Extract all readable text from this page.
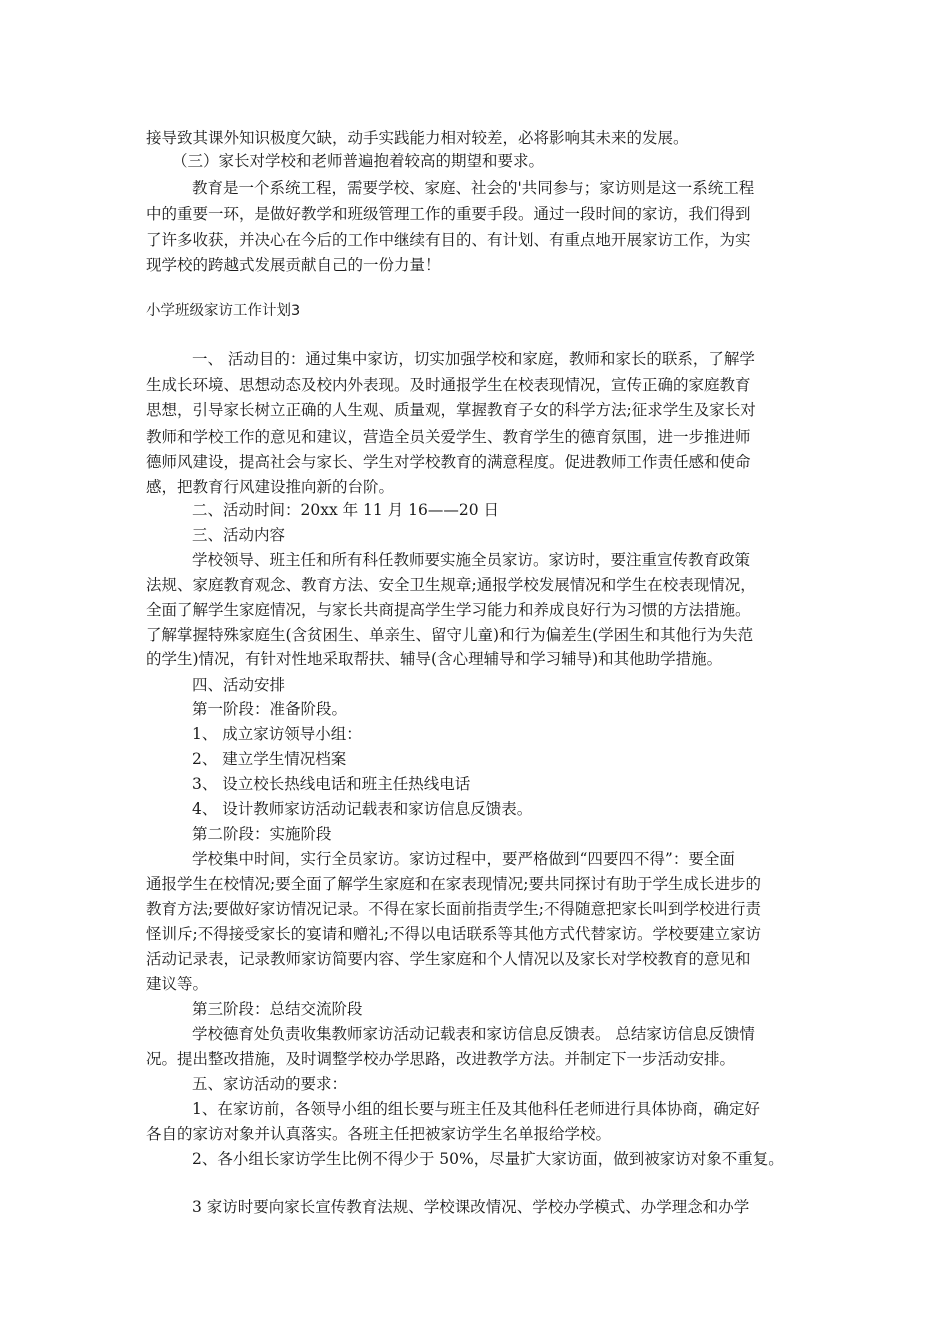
接导致其课外知识极度欠缺，动手实践能力相对较差，必将影响其未来的发展。
（三）家长对学校和老师普遍抱着较高的期望和要求。
教育是一个系统工程，需要学校、家庭、社会的'共同参与；家访则是这一系统工程
中的重要一环，是做好教学和班级管理工作的重要手段。通过一段时间的家访，我们得到
了许多收获，并决心在今后的工作中继续有目的、有计划、有重点地开展家访工作，为实
现学校的跨越式发展贡献自己的一份力量！
小学班级家访工作计划3
一、 活动目的：通过集中家访，切实加强学校和家庭，教师和家长的联系，了解学
生成长环境、思想动态及校内外表现。及时通报学生在校表现情况，宣传正确的家庭教育
思想，引导家长树立正确的人生观、质量观，掌握教育子女的科学方法;征求学生及家长对
教师和学校工作的意见和建议，营造全员关爱学生、教育学生的德育氛围，进一步推进师
德师风建设，提高社会与家长、学生对学校教育的满意程度。促进教师工作责任感和使命
感，把教育行风建设推向新的台阶。
二、活动时间：20xx 年 11 月 16——20 日
三、活动内容
学校领导、班主任和所有科任教师要实施全员家访。家访时，要注重宣传教育政策
法规、家庭教育观念、教育方法、安全卫生规章;通报学校发展情况和学生在校表现情况，
全面了解学生家庭情况，与家长共商提高学生学习能力和养成良好行为习惯的方法措施。
了解掌握特殊家庭生(含贫困生、单亲生、留守儿童)和行为偏差生(学困生和其他行为失范
的学生)情况，有针对性地采取帮扶、辅导(含心理辅导和学习辅导)和其他助学措施。
四、活动安排
第一阶段：准备阶段。
1、 成立家访领导小组：
2、 建立学生情况档案
3、 设立校长热线电话和班主任热线电话
4、 设计教师家访活动记载表和家访信息反馈表。
第二阶段：实施阶段
学校集中时间，实行全员家访。家访过程中，要严格做到“四要四不得”：要全面
通报学生在校情况;要全面了解学生家庭和在家表现情况;要共同探讨有助于学生成长进步的
教育方法;要做好家访情况记录。不得在家长面前指责学生;不得随意把家长叫到学校进行责
怪训斥;不得接受家长的宴请和赠礼;不得以电话联系等其他方式代替家访。学校要建立家访
活动记录表，记录教师家访简要内容、学生家庭和个人情况以及家长对学校教育的意见和
建议等。
第三阶段：总结交流阶段
学校德育处负责收集教师家访活动记载表和家访信息反馈表。 总结家访信息反馈情
况。提出整改措施，及时调整学校办学思路，改进教学方法。并制定下一步活动安排。
五、家访活动的要求：
1、在家访前，各领导小组的组长要与班主任及其他科任老师进行具体协商，确定好
各自的家访对象并认真落实。各班主任把被家访学生名单报给学校。
2、各小组长家访学生比例不得少于 50%，尽量扩大家访面，做到被家访对象不重复。
3 家访时要向家长宣传教育法规、学校课改情况、学校办学模式、办学理念和办学
